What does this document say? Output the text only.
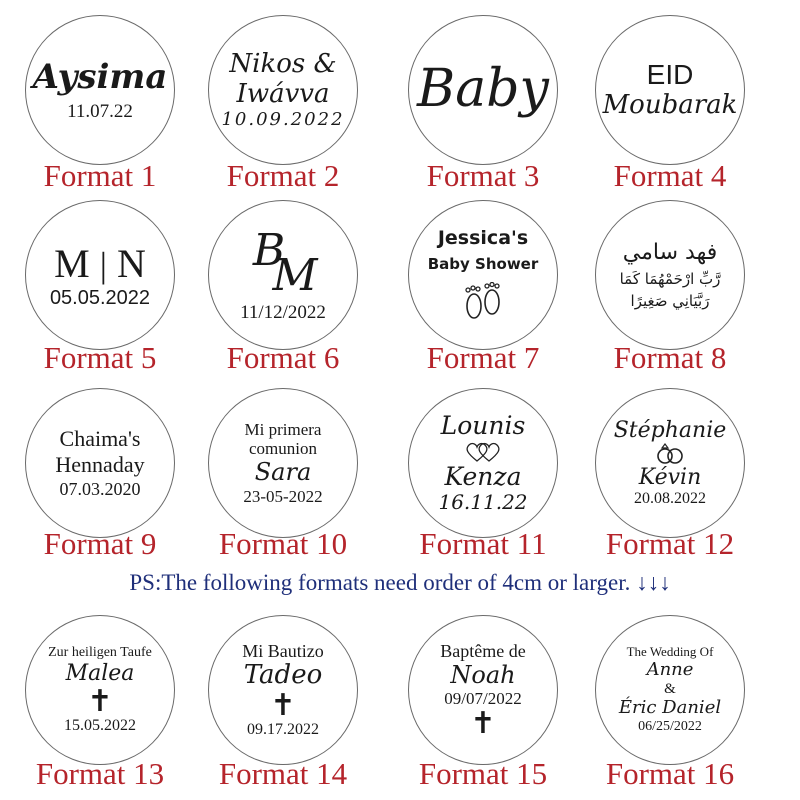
Aysima
11.07.22
Format 1
Nikos &
Iwávva
10.09.2022
Format 2
Baby
Format 3
EID
Moubarak
Format 4
M | N
05.05.2022
Format 5
B
M
11/12/2022
Format 6
Jessica's
Baby Shower
Format 7
فهد سامي
رَّبِّ ارْحَمْهُمَا كَمَا
رَبَّيَانِي صَغِيرًا
Format 8
Chaima's
Hennaday
07.03.2020
Format 9
Mi primera
comunion
Sara
23-05-2022
Format 10
Lounis
Kenza
16.11.22
Format 11
Stéphanie
Kévin
20.08.2022
Format 12
PS:The following formats need order of 4cm or larger. ↓↓↓
Zur heiligen Taufe
Malea
✝
15.05.2022
Format 13
Mi Bautizo
Tadeo
✝
09.17.2022
Format 14
Baptême de
Noah
09/07/2022
✝
Format 15
The Wedding Of
Anne
&
Éric Daniel
06/25/2022
Format 16
